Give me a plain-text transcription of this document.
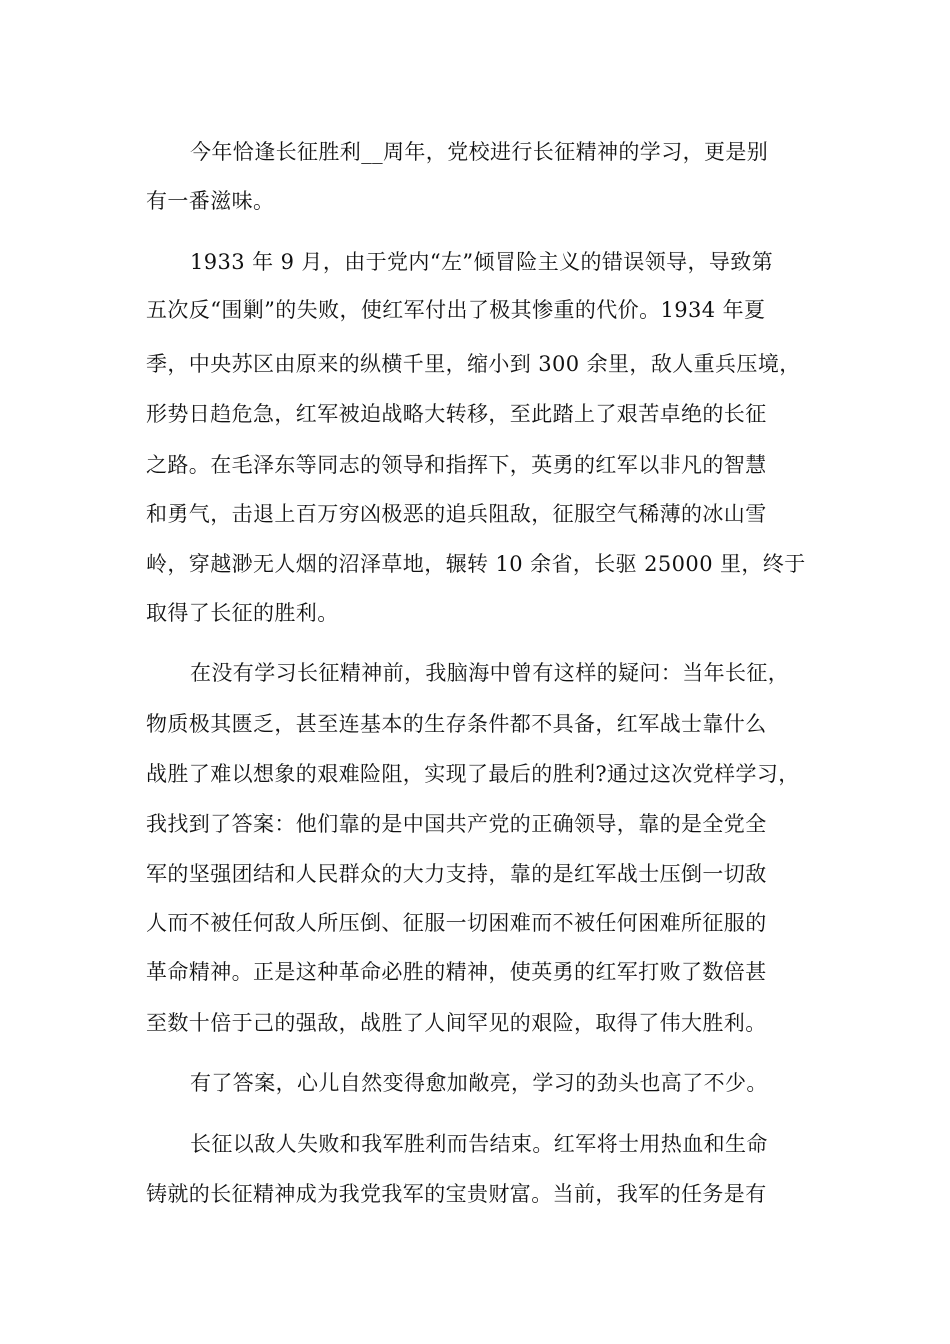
今年恰逢长征胜利__周年，党校进行长征精神的学习，更是别
有一番滋味。
1933 年 9 月，由于党内“左”倾冒险主义的错误领导，导致第
五次反“围剿”的失败，使红军付出了极其惨重的代价。1934 年夏
季，中央苏区由原来的纵横千里，缩小到 300 余里，敌人重兵压境，
形势日趋危急，红军被迫战略大转移，至此踏上了艰苦卓绝的长征
之路。在毛泽东等同志的领导和指挥下，英勇的红军以非凡的智慧
和勇气，击退上百万穷凶极恶的追兵阻敌，征服空气稀薄的冰山雪
岭，穿越渺无人烟的沼泽草地，辗转 10 余省，长驱 25000 里，终于
取得了长征的胜利。
在没有学习长征精神前，我脑海中曾有这样的疑问：当年长征，
物质极其匮乏，甚至连基本的生存条件都不具备，红军战士靠什么
战胜了难以想象的艰难险阻，实现了最后的胜利?通过这次党样学习，
我找到了答案：他们靠的是中国共产党的正确领导，靠的是全党全
军的坚强团结和人民群众的大力支持，靠的是红军战士压倒一切敌
人而不被任何敌人所压倒、征服一切困难而不被任何困难所征服的
革命精神。正是这种革命必胜的精神，使英勇的红军打败了数倍甚
至数十倍于己的强敌，战胜了人间罕见的艰险，取得了伟大胜利。
有了答案，心儿自然变得愈加敞亮，学习的劲头也高了不少。
长征以敌人失败和我军胜利而告结束。红军将士用热血和生命
铸就的长征精神成为我党我军的宝贵财富。当前，我军的任务是有
